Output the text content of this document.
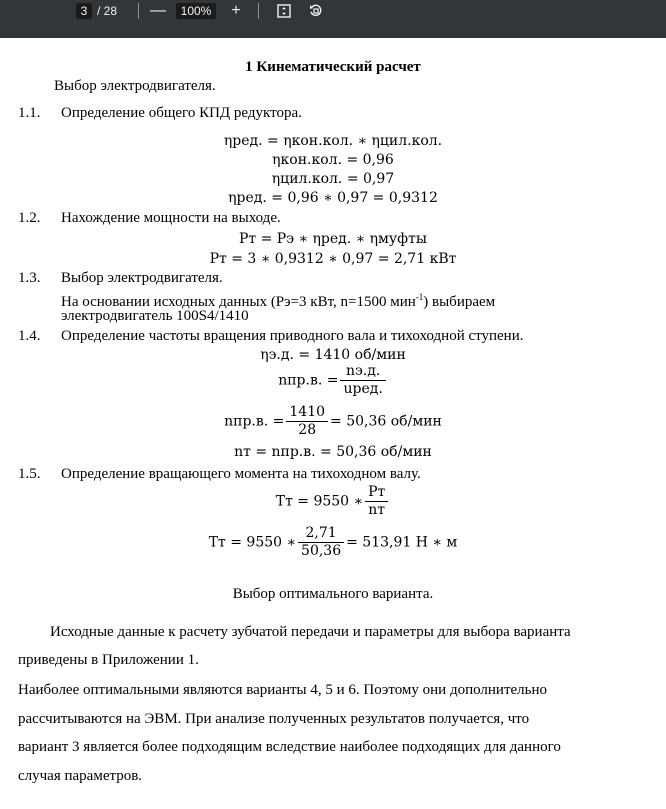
3 / 28 —	100%	+
1 Кинематический расчет
Выбор электродвигателя.
1.1. Определение общего КПД редуктора.
ηред. = ηкон.кол. ∗ ηцил.кол.
ηкон.кол. = 0,96
ηцил.кол. = 0,97
ηред. = 0,96 ∗ 0,97 = 0,9312
1.2. Нахождение мощности на выходе.
Pт = Pэ ∗ ηред. ∗ ηмуфты
Pт = 3 ∗ 0,9312 ∗ 0,97 = 2,71 кВт
1.3. Выбор электродвигателя.
На основании исходных данных (Pэ=3 кВт, n=1500 мин$^{-1}$) выбираем
электродвигатель 100S4/1410
1.4. Определение частоты вращения приводного вала и тихоходной ступени.
ηэ.д. = 1410 об/мин
nпр.в. = $\frac{nэ.д.}{\text{uред.}}$
nпр.в. = $\frac{1410}{28} = 50,36$ об/мин
nт = nпр.в. = 50,36 об/мин
1.5. Определение вращающего момента на тихоходном валу.
Tт = 9550 ∗ $\frac{Pт}{nт}$
Tт = 9550 ∗ $\frac{2,71}{50,36} = 513,91$ Н ∗ м
Выбор оптимального варианта.
Исходные данные к расчету зубчатой передачи и параметры для выбора варианта
приведены в Приложении 1.
Наиболее оптимальными являются варианты 4, 5 и 6. Поэтому они дополнительно
рассчитываются на ЭВМ. При анализе полученных результатов получается, что
вариант 3 является более подходящим вследствие наиболее подходящих для данного
случая параметров.
